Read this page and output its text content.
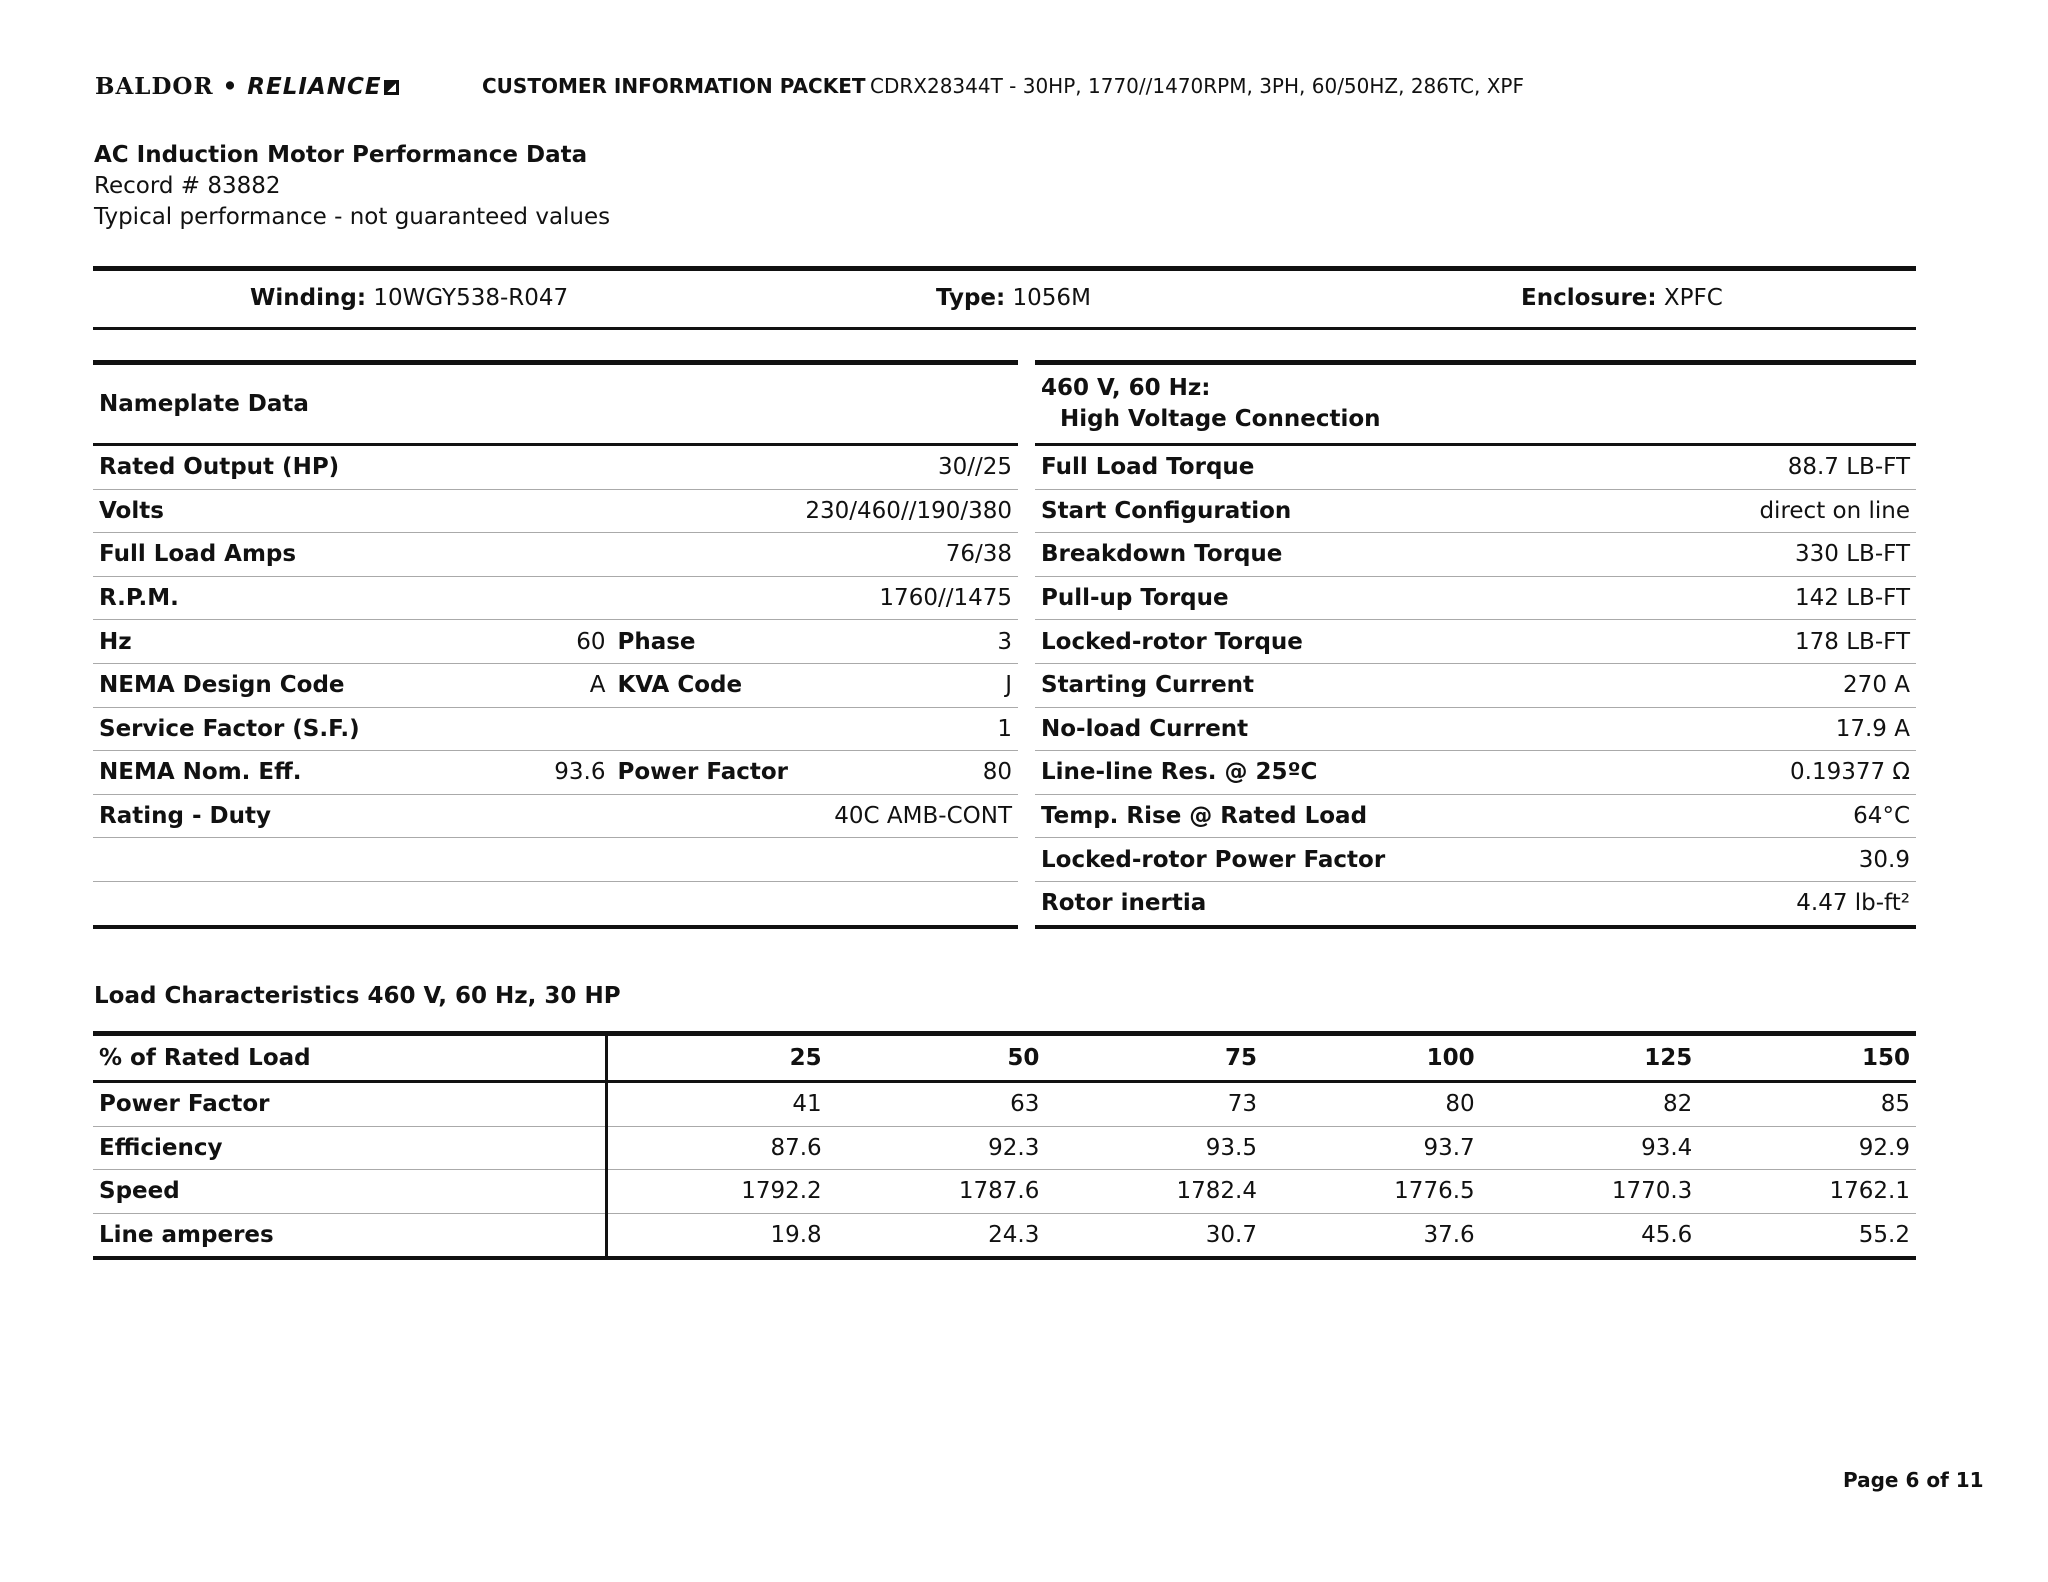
BALDOR • RELIANCE	CUSTOMER INFORMATION PACKET CDRX28344T - 30HP, 1770//1470RPM, 3PH, 60/50HZ, 286TC, XPF
AC Induction Motor Performance Data
Record # 83882
Typical performance - not guaranteed values
Winding: 10WGY538-R047	Type: 1056M	Enclosure: XPFC
Nameplate Data			
Rated Output (HP)			30//25
Volts			230/460//190/380
Full Load Amps			76/38
R.P.M.			1760//1475
Hz	60	Phase	3
NEMA Design Code	A	KVA Code	J
Service Factor (S.F.)			1
NEMA Nom. Eff.	93.6	Power Factor	80
Rating - Duty			40C AMB-CONT

460 V, 60 Hz:
High Voltage Connection	

Full Load Torque	88.7 LB-FT
Start Configuration	direct on line
Breakdown Torque	330 LB-FT
Pull-up Torque	142 LB-FT
Locked-rotor Torque	178 LB-FT
Starting Current	270 A
No-load Current	17.9 A
Line-line Res. @ 25ºC	0.19377 Ω
Temp. Rise @ Rated Load	64°C
Locked-rotor Power Factor	30.9
Rotor inertia	4.47 lb-ft²
Load Characteristics 460 V, 60 Hz, 30 HP
% of Rated Load	25	50	75	100	125	150
Power Factor	41	63	73	80	82	85
Efficiency	87.6	92.3	93.5	93.7	93.4	92.9
Speed	1792.2	1787.6	1782.4	1776.5	1770.3	1762.1
Line amperes	19.8	24.3	30.7	37.6	45.6	55.2
Page 6 of 11
